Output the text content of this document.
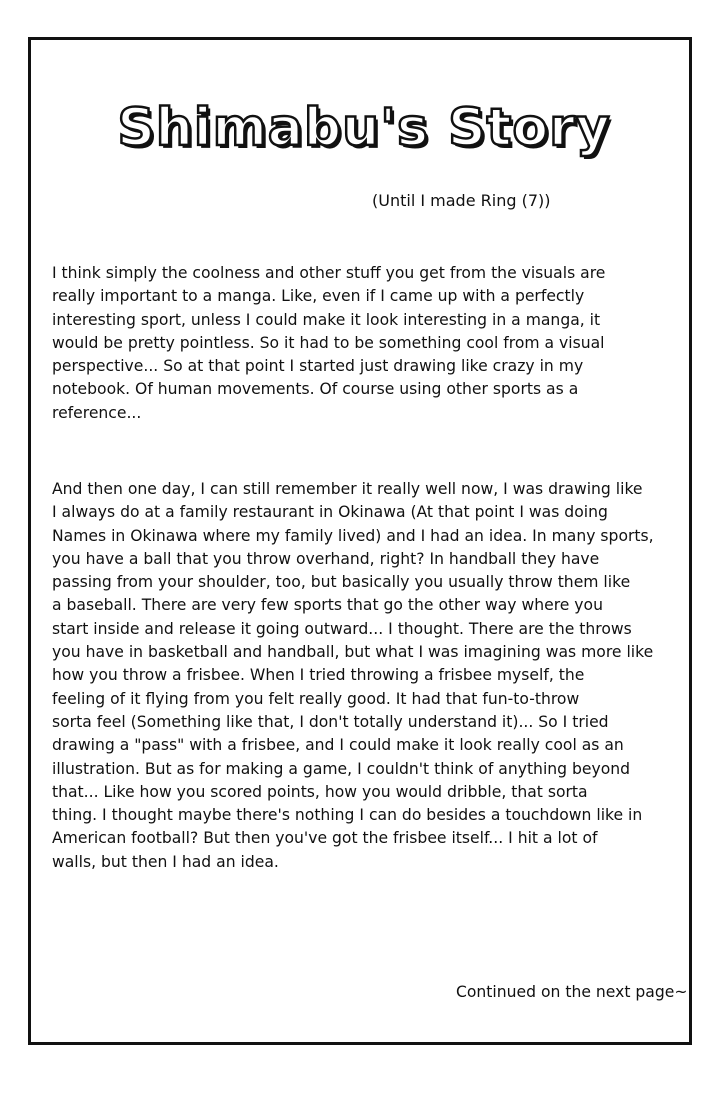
Shimabu's Story
(Until I made Ring (7))

I think simply the coolness and other stuff you get from the visuals are
really important to a manga. Like, even if I came up with a perfectly
interesting sport, unless I could make it look interesting in a manga, it
would be pretty pointless. So it had to be something cool from a visual
perspective... So at that point I started just drawing like crazy in my
notebook. Of human movements. Of course using other sports as a
reference...

And then one day, I can still remember it really well now, I was drawing like
I always do at a family restaurant in Okinawa (At that point I was doing
Names in Okinawa where my family lived) and I had an idea. In many sports,
you have a ball that you throw overhand, right? In handball they have
passing from your shoulder, too, but basically you usually throw them like
a baseball. There are very few sports that go the other way where you
start inside and release it going outward... I thought. There are the throws
you have in basketball and handball, but what I was imagining was more like
how you throw a frisbee. When I tried throwing a frisbee myself, the
feeling of it flying from you felt really good. It had that fun-to-throw
sorta feel (Something like that, I don't totally understand it)... So I tried
drawing a "pass" with a frisbee, and I could make it look really cool as an
illustration. But as for making a game, I couldn't think of anything beyond
that... Like how you scored points, how you would dribble, that sorta
thing. I thought maybe there's nothing I can do besides a touchdown like in
American football? But then you've got the frisbee itself... I hit a lot of
walls, but then I had an idea.

Continued on the next page~
